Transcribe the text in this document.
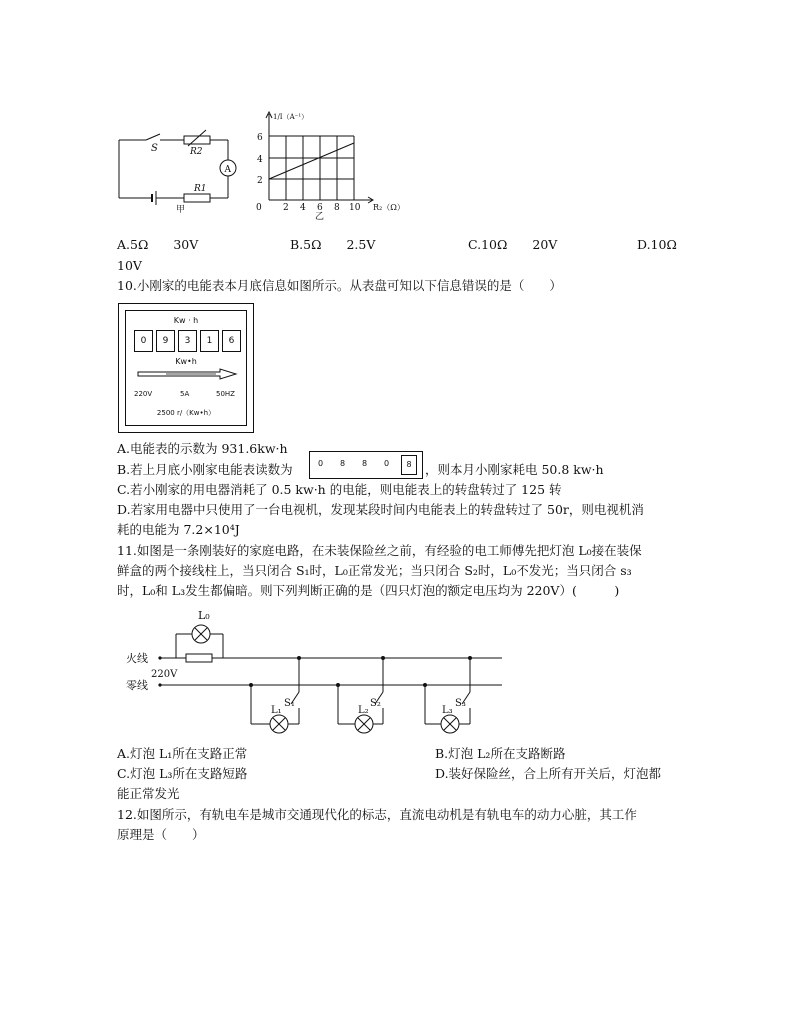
S	R2
A
R1
甲
1/I（A⁻¹）
6
4
2
0 2 4 6 8 10 R₂（Ω）
乙
A.5Ω　　30V	B.5Ω　　2.5V	C.10Ω　　20V	D.10Ω
10V
10.小刚家的电能表本月底信息如图所示。从表盘可知以下信息错误的是（　　）
Kw · h
0	9	3	1	6
Kw•h
220V	5A	50HZ
2500 r/（Kw•h）
A.电能表的示数为 931.6kw·h
B.若上月底小刚家电能表读数为	0 8 8 0	8	，则本月小刚家耗电 50.8 kw·h
C.若小刚家的用电器消耗了 0.5 kw·h 的电能，则电能表上的转盘转过了 125 转
D.若家用电器中只使用了一台电视机，发现某段时间内电能表上的转盘转过了 50r，则电视机消
耗的电能为 7.2×10⁴J
11.如图是一条刚装好的家庭电路，在未装保险丝之前，有经验的电工师傅先把灯泡 L₀接在装保
鲜盒的两个接线柱上，当只闭合 S₁时，L₀正常发光；当只闭合 S₂时，L₀不发光；当只闭合 s₃
时，L₀和 L₃发生都偏暗。则下列判断正确的是（四只灯泡的额定电压均为 220V）(　　　)
L₀
火线
220V
零线
S₁
L₁
S₂
L₂
S₃
L₃
A.灯泡 L₁所在支路正常	B.灯泡 L₂所在支路断路
C.灯泡 L₃所在支路短路	D.装好保险丝，合上所有开关后，灯泡都
能正常发光
12.如图所示，有轨电车是城市交通现代化的标志，直流电动机是有轨电车的动力心脏，其工作
原理是（　　）
